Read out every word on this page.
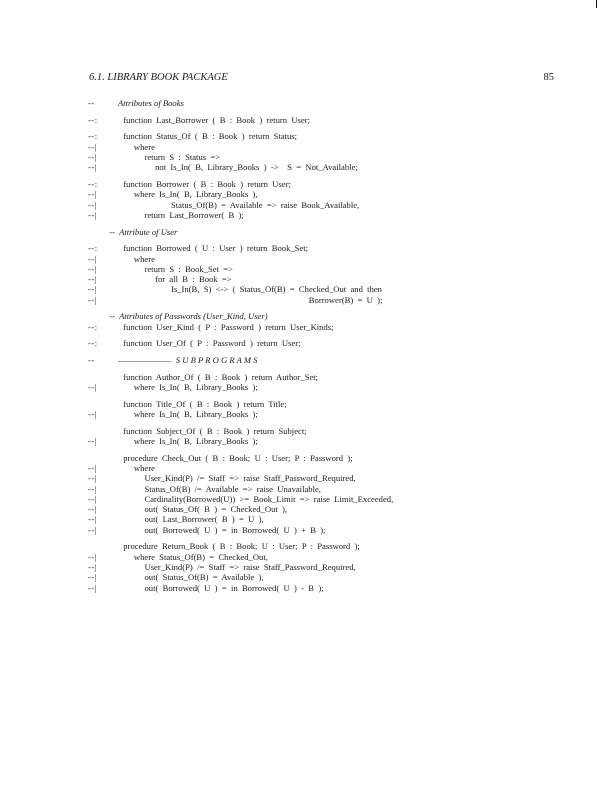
6.1. LIBRARY BOOK PACKAGE	85
--	Attributes of Books
--:	function  Last_Borrower  (  B  :  Book  )  return  User;
--:	function  Status_Of  (  B  :  Book  )  return  Status;
--|	where
--|	return  S  :  Status  =>
--|	not  Is_In(  B,  Library_Books  )  ->    S  =  Not_Available;
--:	function  Borrower  (  B  :  Book  )  return  User;
--|	where  Is_In(  B,  Library_Books  ),
--|	Status_Of(B)  =  Available  =>  raise  Book_Available,
--|	return  Last_Borrower(  B  );
--  Attribute of User
--:	function  Borrowed  (  U  :  User  )  return  Book_Set;
--|	where
--|	return  S  :  Book_Set  =>
--|	for  all  B  :  Book  =>
--|	Is_In(B,  S)  <->  (  Status_Of(B)  =  Checked_Out  and  then
--|	Borrower(B)  =  U  );
--  Attributes of Passwords (User_Kind, User)
--:	function  User_Kind  (  P  :  Password  )  return  User_Kinds;
--:	function  User_Of  (  P  :  Password  )  return  User;
--	———————  S U B P R O G R A M S
function  Author_Of  (  B  :  Book  )  return  Author_Set;
--|	where  Is_In(  B,  Library_Books  );
function  Title_Of  (  B  :  Book  )  return  Title;
--|	where  Is_In(  B,  Library_Books  );
function  Subject_Of  (  B  :  Book  )  return  Subject;
--|	where  Is_In(  B,  Library_Books  );
procedure  Check_Out  (  B  :  Book;  U  :  User;  P  :  Password  );
--|	where
--|	User_Kind(P)  /=  Staff  =>  raise  Staff_Password_Required,
--|	Status_Of(B)  /=  Available  =>  raise  Unavailable,
--|	Cardinality(Borrowed(U))  >=  Book_Limit  =>  raise  Limit_Exceeded,
--|	out(  Status_Of(  B  )  =  Checked_Out  ),
--|	out(  Last_Borrower(  B  )  =  U  ),
--|	out(  Borrowed(  U  )  =  in  Borrowed(  U  )  +  B  );
procedure  Return_Book  (  B  :  Book;  U  :  User;  P  :  Password  );
--|	where  Status_Of(B)  =  Checked_Out,
--|	User_Kind(P)  /=  Staff  =>  raise  Staff_Password_Required,
--|	out(  Status_Of(B)  =  Available  ),
--|	out(  Borrowed(  U  )  =  in  Borrowed(  U  )  -  B  );
